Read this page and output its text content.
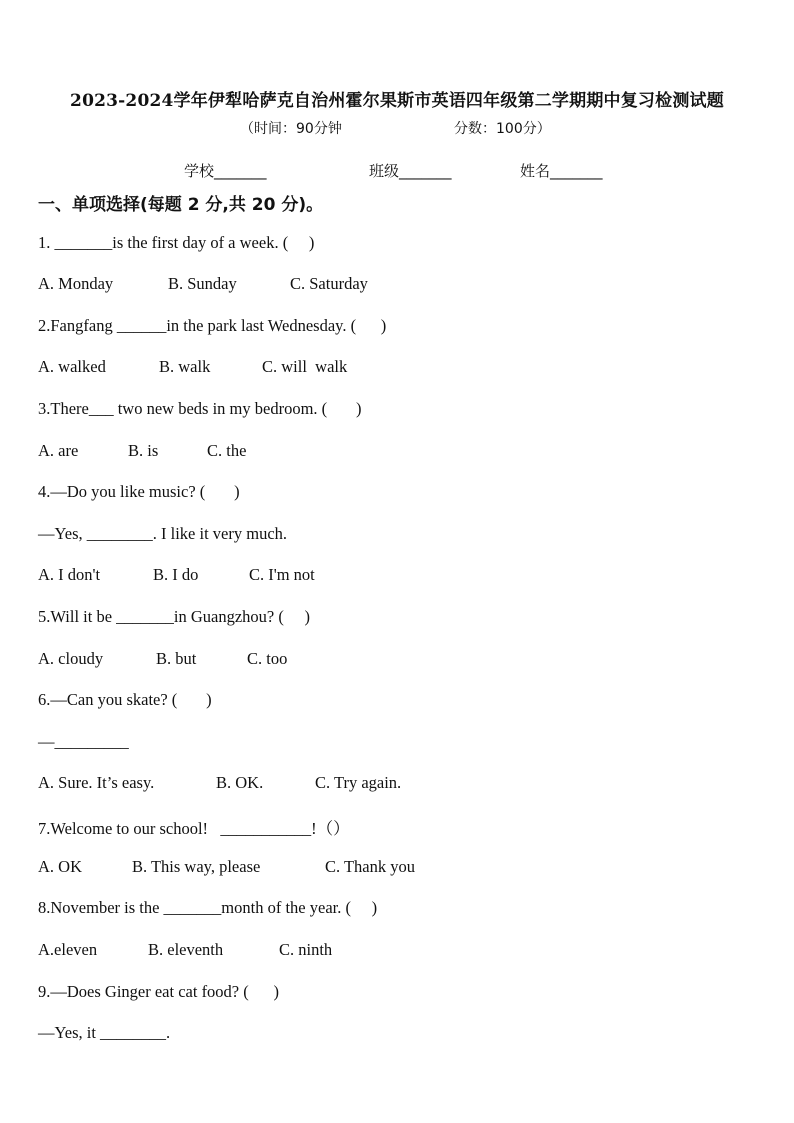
2023-2024学年伊犁哈萨克自治州霍尔果斯市英语四年级第二学期期中复习检测试题
（时间：90分钟	分数：100分）
学校_______	班级_______	姓名_______
一、单项选择(每题 2 分,共 20 分)。
1. _______is the first day of a week. (     )
A. Monday	B. Sunday	C. Saturday
2.Fangfang ______in the park last Wednesday. (      )
A. walked	B. walk	C. will  walk
3.There___ two new beds in my bedroom. (       )
A. are	B. is	C. the
4.—Do you like music? (       )
—Yes, ________. I like it very much.
A. I don't	B. I do	C. I'm not
5.Will it be _______in Guangzhou? (     )
A. cloudy	B. but	C. too
6.—Can you skate? (       )
—_________
A. Sure. It’s easy.	B. OK.	C. Try again.
7.Welcome to our school!   ___________!（）
A. OK	B. This way, please	C. Thank you
8.November is the _______month of the year. (     )
A.eleven	B. eleventh	C. ninth
9.—Does Ginger eat cat food? (      )
—Yes, it ________.
